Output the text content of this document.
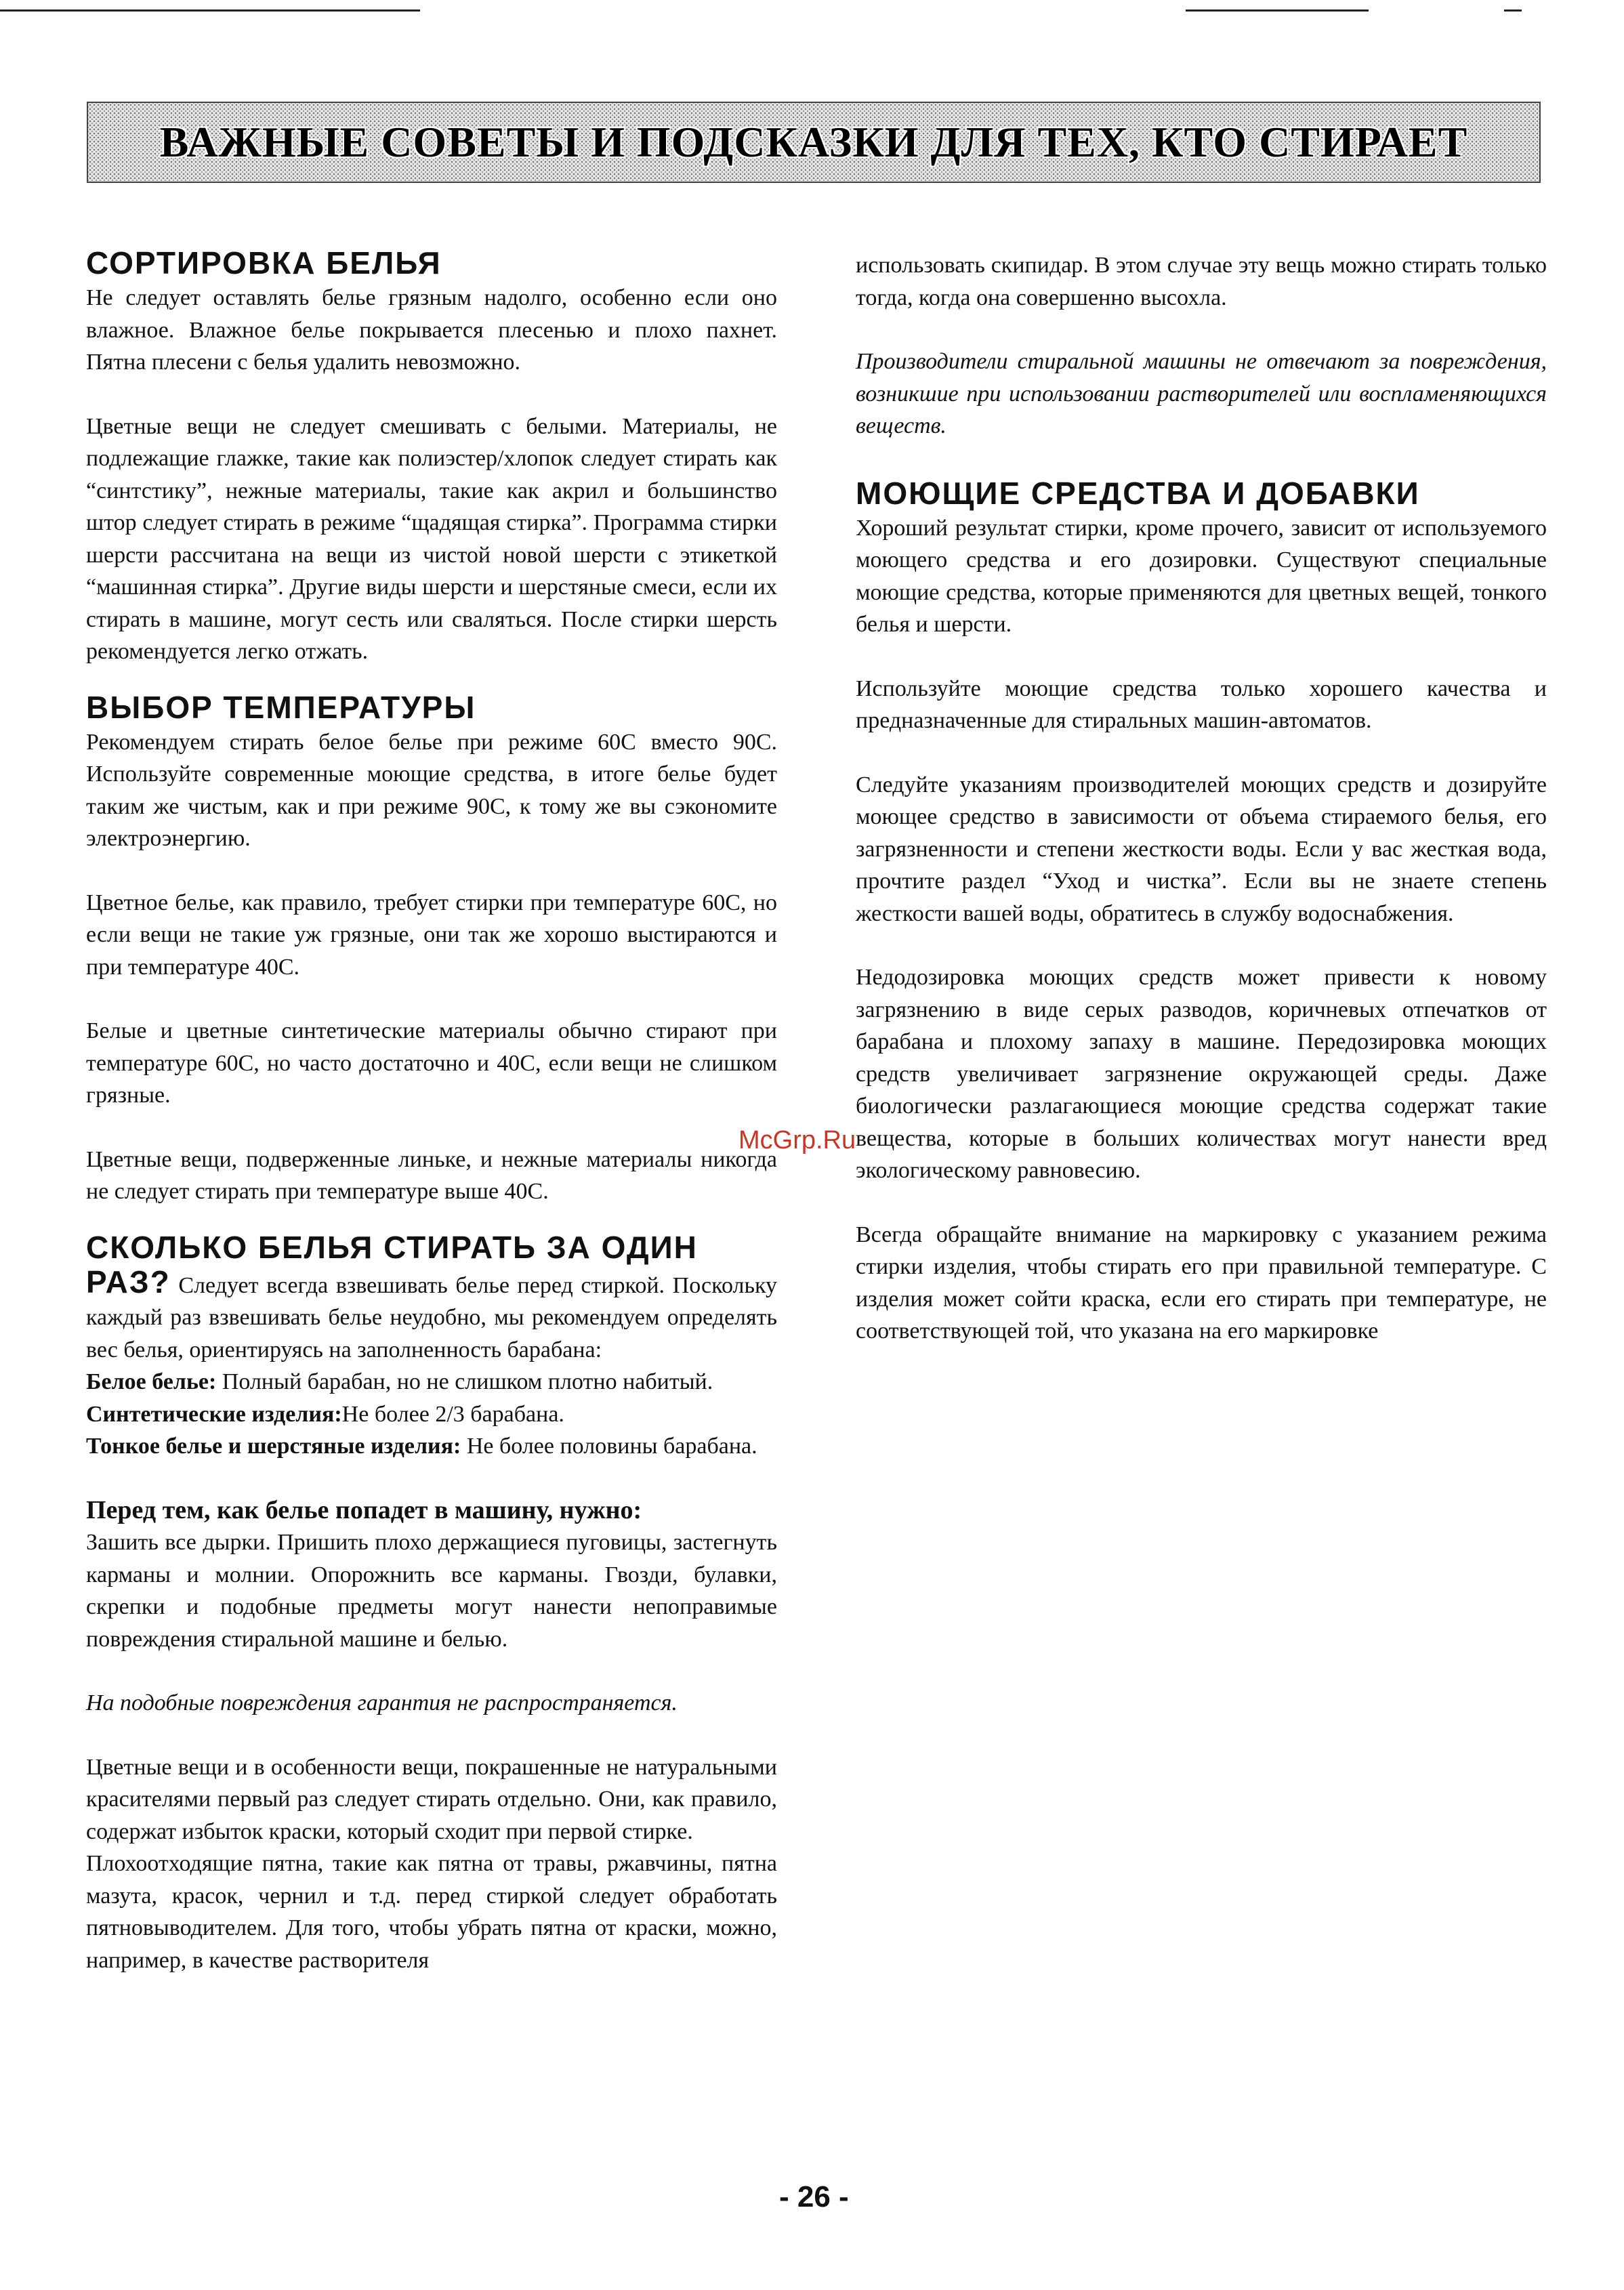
ВАЖНЫЕ СОВЕТЫ И ПОДСКАЗКИ ДЛЯ ТЕХ, КТО СТИРАЕТ
СОРТИРОВКА БЕЛЬЯ

Не следует оставлять белье грязным надолго, особенно если оно влажное. Влажное белье покрывается плесенью и плохо пахнет. Пятна плесени с белья удалить невозможно.

Цветные вещи не следует смешивать с белыми. Материалы, не подлежащие глажке, такие как полиэстер/хлопок следует стирать как “синтстику”, нежные материалы, такие как акрил и большинство штор следует стирать в режиме “щадящая стирка”. Программа стирки шерсти рассчитана на вещи из чистой новой шерсти с этикеткой “машинная стирка”. Другие виды шерсти и шерстяные смеси, если их стирать в машине, могут сесть или сваляться. После стирки шерсть рекомендуется легко отжать.

ВЫБОР ТЕМПЕРАТУРЫ

Рекомендуем стирать белое белье при режиме 60С вместо 90С. Используйте современные моющие средства, в итоге белье будет таким же чистым, как и при режиме 90С, к тому же вы сэкономите электроэнергию.

Цветное белье, как правило, требует стирки при температуре 60С, но если вещи не такие уж грязные, они так же хорошо выстираются и при температуре 40С.

Белые и цветные синтетические материалы обычно стирают при температуре 60С, но часто достаточно и 40С, если вещи не слишком грязные.

Цветные вещи, подверженные линьке, и нежные материалы никогда не следует стирать при температуре выше 40С.

СКОЛЬКО БЕЛЬЯ СТИРАТЬ ЗА ОДИН

РАЗ? Следует всегда взвешивать белье перед стиркой. Поскольку каждый раз взвешивать белье неудобно, мы рекомендуем определять вес белья, ориентируясь на заполненность барабана:

Белое белье: Полный барабан, но не слишком плотно набитый.

Синтетические изделия:Не более 2/3 барабана.

Тонкое белье и шерстяные изделия: Не более половины барабана.

Перед тем, как белье попадет в машину, нужно:

Зашить все дырки. Пришить плохо держащиеся пуговицы, застегнуть карманы и молнии. Опорожнить все карманы. Гвозди, булавки, скрепки и подобные предметы могут нанести непоправимые повреждения стиральной машине и белью.

На подобные повреждения гарантия не распространяется.

Цветные вещи и в особенности вещи, покрашенные не натуральными красителями первый раз следует стирать отдельно. Они, как правило, содержат избыток краски, который сходит при первой стирке.

Плохоотходящие пятна, такие как пятна от травы, ржавчины, пятна мазута, красок, чернил и т.д. перед стиркой следует обработать пятновыводителем. Для того, чтобы убрать пятна от краски, можно, например, в качестве растворителя

использовать скипидар. В этом случае эту вещь можно стирать только тогда, когда она совершенно высохла.

Производители стиральной машины не отвечают за повреждения, возникшие при использовании растворителей или воспламеняющихся веществ.

МОЮЩИЕ СРЕДСТВА И ДОБАВКИ

Хороший результат стирки, кроме прочего, зависит от используемого моющего средства и его дозировки. Существуют специальные моющие средства, которые применяются для цветных вещей, тонкого белья и шерсти.

Используйте моющие средства только хорошего качества и предназначенные для стиральных машин-автоматов.

Следуйте указаниям производителей моющих средств и дозируйте моющее средство в зависимости от объема стираемого белья, его загрязненности и степени жесткости воды. Если у вас жесткая вода, прочтите раздел “Уход и чистка”. Если вы не знаете степень жесткости вашей воды, обратитесь в службу водоснабжения.

Недодозировка моющих средств может привести к новому загрязнению в виде серых разводов, коричневых отпечатков от барабана и плохому запаху в машине. Передозировка моющих средств увеличивает загрязнение окружающей среды. Даже биологически разлагающиеся моющие средства содержат такие вещества, которые в больших количествах могут нанести вред экологическому равновесию.

Всегда обращайте внимание на маркировку с указанием режима стирки изделия, чтобы стирать его при правильной температуре. С изделия может сойти краска, если его стирать при температуре, не соответствующей той, что указана на его маркировке

McGrp.Ru
- 26 -
